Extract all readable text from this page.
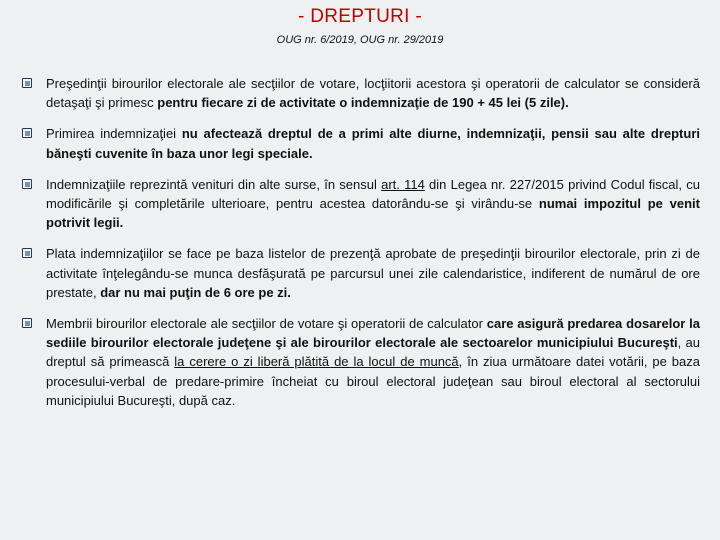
- DREPTURI -
OUG nr. 6/2019, OUG nr. 29/2019
Preşedinţii birourilor electorale ale secţiilor de votare, locţiitorii acestora şi operatorii de calculator se consideră detaşaţi şi primesc pentru fiecare zi de activitate o indemnizaţie de 190 + 45 lei (5 zile).
Primirea indemnizaţiei nu afectează dreptul de a primi alte diurne, indemnizaţii, pensii sau alte drepturi băneşti cuvenite în baza unor legi speciale.
Indemnizaţiile reprezintă venituri din alte surse, în sensul art. 114 din Legea nr. 227/2015 privind Codul fiscal, cu modificările şi completările ulterioare, pentru acestea datorându-se şi virându-se numai impozitul pe venit potrivit legii.
Plata indemnizaţiilor se face pe baza listelor de prezenţă aprobate de preşedinţii birourilor electorale, prin zi de activitate înţelegându-se munca desfăşurată pe parcursul unei zile calendaristice, indiferent de numărul de ore prestate, dar nu mai puţin de 6 ore pe zi.
Membrii birourilor electorale ale secţiilor de votare şi operatorii de calculator care asigură predarea dosarelor la sediile birourilor electorale judeţene şi ale birourilor electorale ale sectoarelor municipiului Bucureşti, au dreptul să primească la cerere o zi liberă plătită de la locul de muncă, în ziua următoare datei votării, pe baza procesului-verbal de predare-primire încheiat cu biroul electoral judeţean sau biroul electoral al sectorului municipiului Bucureşti, după caz.
